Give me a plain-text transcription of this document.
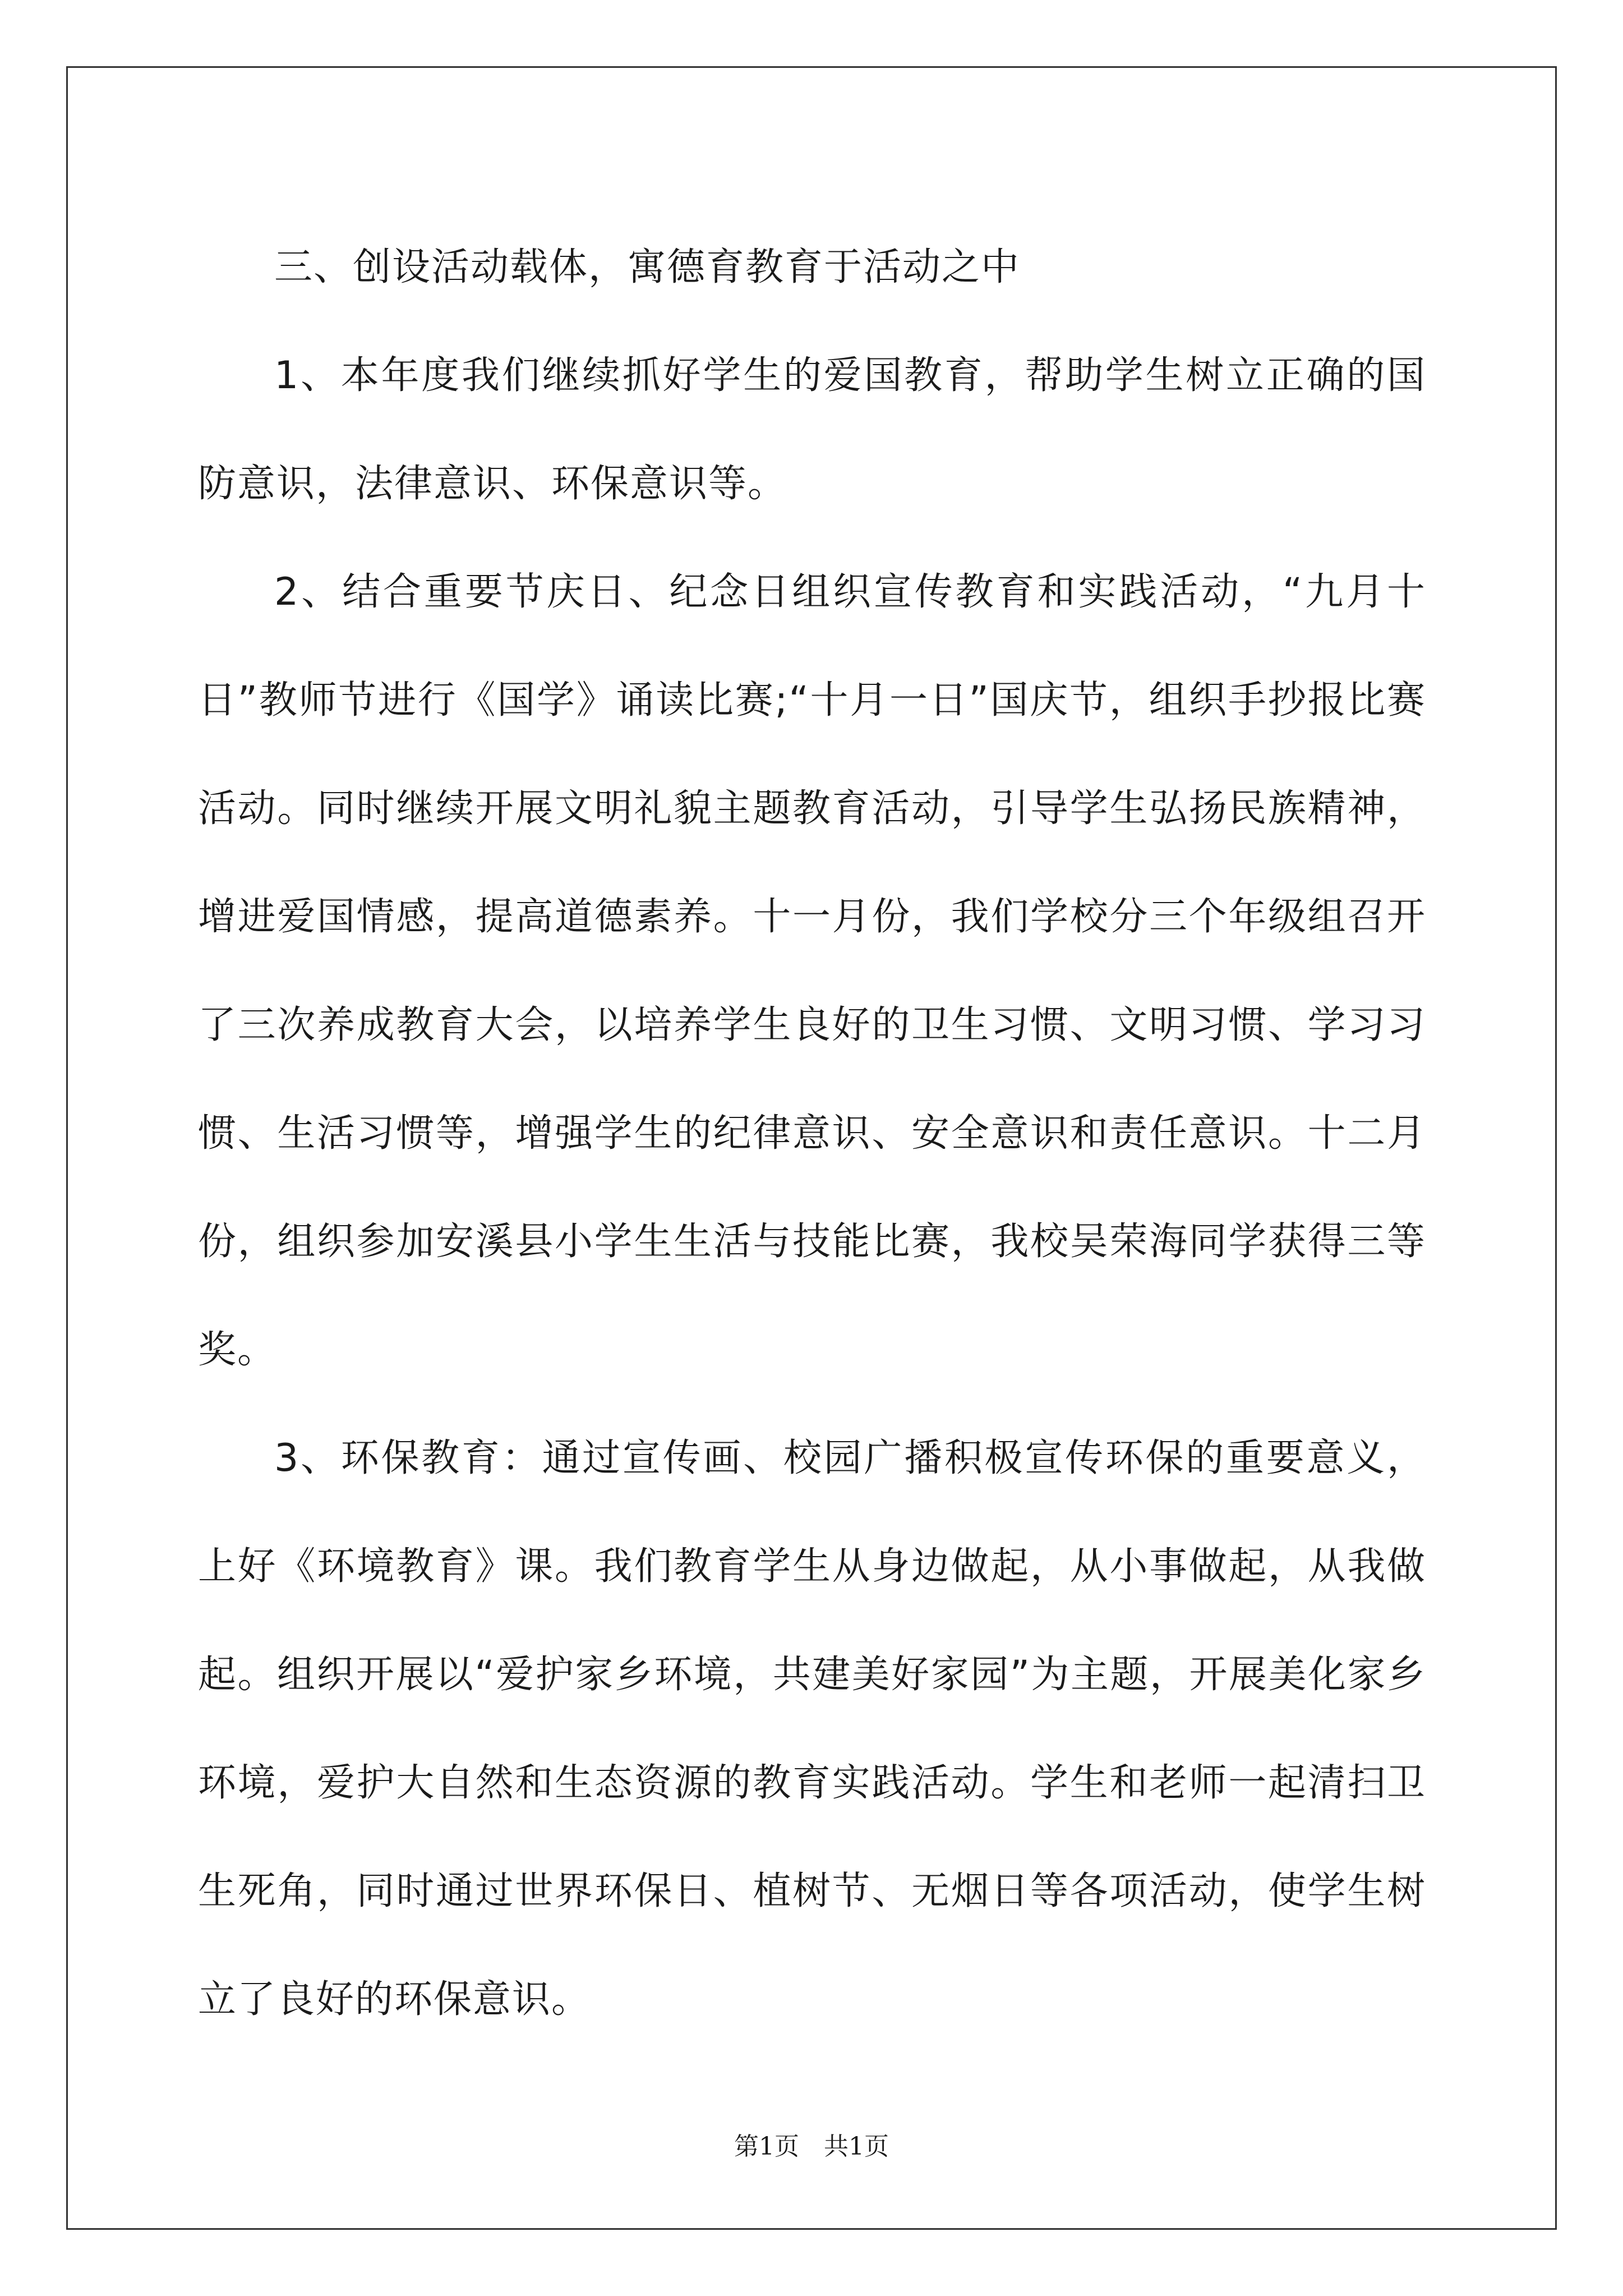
三、创设活动载体，寓德育教育于活动之中

1、本年度我们继续抓好学生的爱国教育，帮助学生树立正确的国防意识，法律意识、环保意识等。

2、结合重要节庆日、纪念日组织宣传教育和实践活动，“九月十日”教师节进行《国学》诵读比赛;“十月一日”国庆节，组织手抄报比赛活动。同时继续开展文明礼貌主题教育活动，引导学生弘扬民族精神，增进爱国情感，提高道德素养。十一月份，我们学校分三个年级组召开了三次养成教育大会，以培养学生良好的卫生习惯、文明习惯、学习习惯、生活习惯等，增强学生的纪律意识、安全意识和责任意识。十二月份，组织参加安溪县小学生生活与技能比赛，我校吴荣海同学获得三等奖。

3、环保教育：通过宣传画、校园广播积极宣传环保的重要意义，上好《环境教育》课。我们教育学生从身边做起，从小事做起，从我做起。组织开展以“爱护家乡环境，共建美好家园”为主题，开展美化家乡环境，爱护大自然和生态资源的教育实践活动。学生和老师一起清扫卫生死角，同时通过世界环保日、植树节、无烟日等各项活动，使学生树立了良好的环保意识。

第1页　共1页
